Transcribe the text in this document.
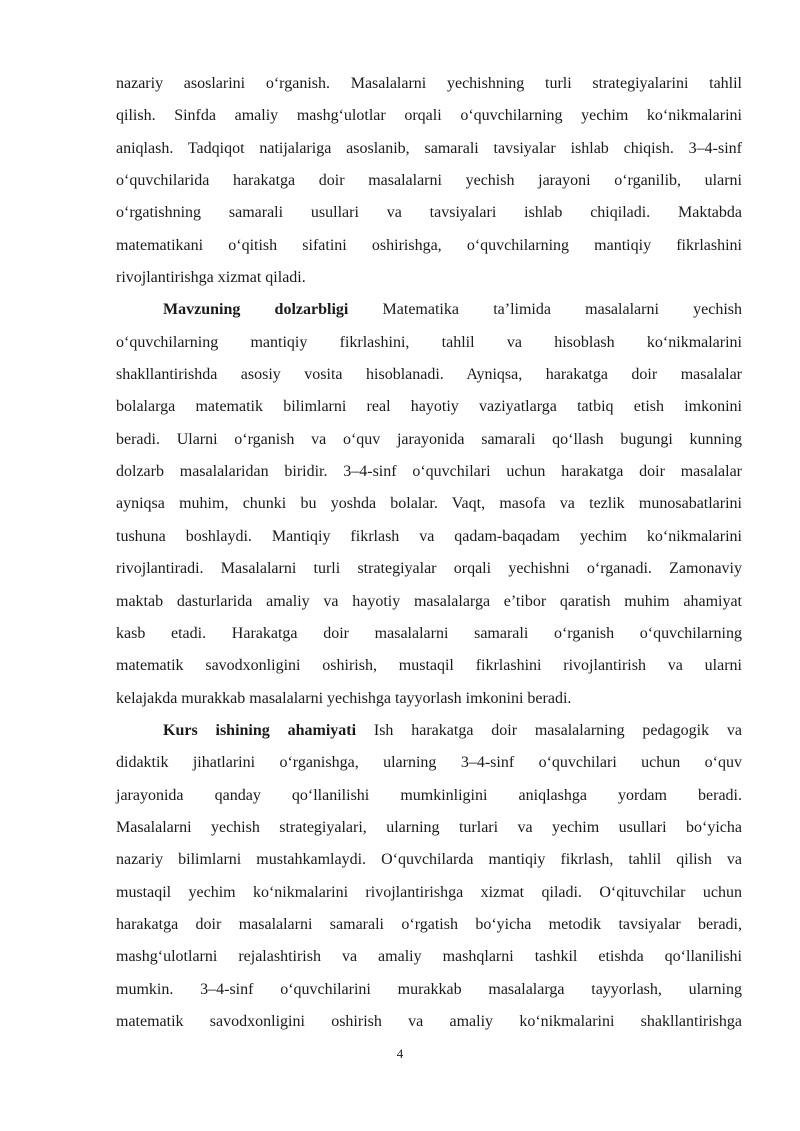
nazariy asoslarini o‘rganish. Masalalarni yechishning turli strategiyalarini tahlil
qilish. Sinfda amaliy mashg‘ulotlar orqali o‘quvchilarning yechim ko‘nikmalarini
aniqlash. Tadqiqot natijalariga asoslanib, samarali tavsiyalar ishlab chiqish. 3–4-sinf
o‘quvchilarida harakatga doir masalalarni yechish jarayoni o‘rganilib, ularni
o‘rgatishning samarali usullari va tavsiyalari ishlab chiqiladi. Maktabda
matematikani o‘qitish sifatini oshirishga, o‘quvchilarning mantiqiy fikrlashini
rivojlantirishga xizmat qiladi.
Mavzuning dolzarbligi Matematika ta’limida masalalarni yechish
o‘quvchilarning mantiqiy fikrlashini, tahlil va hisoblash ko‘nikmalarini
shakllantirishda asosiy vosita hisoblanadi. Ayniqsa, harakatga doir masalalar
bolalarga matematik bilimlarni real hayotiy vaziyatlarga tatbiq etish imkonini
beradi. Ularni o‘rganish va o‘quv jarayonida samarali qo‘llash bugungi kunning
dolzarb masalalaridan biridir. 3–4-sinf o‘quvchilari uchun harakatga doir masalalar
ayniqsa muhim, chunki bu yoshda bolalar. Vaqt, masofa va tezlik munosabatlarini
tushuna boshlaydi. Mantiqiy fikrlash va qadam-baqadam yechim ko‘nikmalarini
rivojlantiradi. Masalalarni turli strategiyalar orqali yechishni o‘rganadi. Zamonaviy
maktab dasturlarida amaliy va hayotiy masalalarga e’tibor qaratish muhim ahamiyat
kasb etadi. Harakatga doir masalalarni samarali o‘rganish o‘quvchilarning
matematik savodxonligini oshirish, mustaqil fikrlashini rivojlantirish va ularni
kelajakda murakkab masalalarni yechishga tayyorlash imkonini beradi.
Kurs ishining ahamiyati Ish harakatga doir masalalarning pedagogik va
didaktik jihatlarini o‘rganishga, ularning 3–4-sinf o‘quvchilari uchun o‘quv
jarayonida qanday qo‘llanilishi mumkinligini aniqlashga yordam beradi.
Masalalarni yechish strategiyalari, ularning turlari va yechim usullari bo‘yicha
nazariy bilimlarni mustahkamlaydi. O‘quvchilarda mantiqiy fikrlash, tahlil qilish va
mustaqil yechim ko‘nikmalarini rivojlantirishga xizmat qiladi. O‘qituvchilar uchun
harakatga doir masalalarni samarali o‘rgatish bo‘yicha metodik tavsiyalar beradi,
mashg‘ulotlarni rejalashtirish va amaliy mashqlarni tashkil etishda qo‘llanilishi
mumkin. 3–4-sinf o‘quvchilarini murakkab masalalarga tayyorlash, ularning
matematik savodxonligini oshirish va amaliy ko‘nikmalarini shakllantirishga
4
